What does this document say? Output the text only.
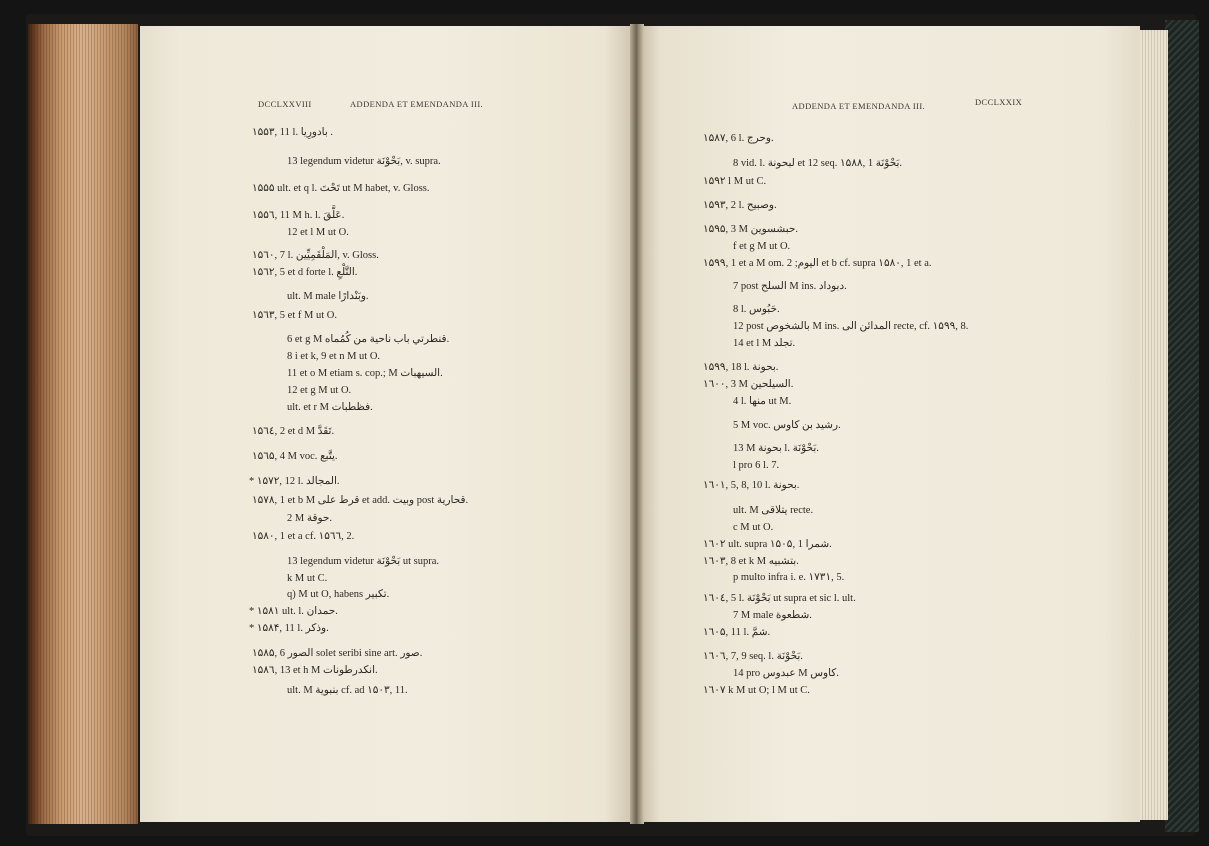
DCCLXXVIII	ADDENDA ET EMENDANDA III.
۱۵۵۳, 11 l. بادورِيا .
13 legendum videtur بَحْوْنَة, v. supra.
۱۵۵۵ ult. et q l. تَحْتَ ut M habet, v. Gloss.
۱۵۵٦, 11 M h. l. عَلَّقَ.
12 et l M ut O.
۱۵٦۰, 7 l. المَلْقَمِيِّين, v. Gloss.
۱۵٦۲, 5 et d forte l. التَّلْعِ.
ult. M male وبَنْدارًا.
۱۵٦۳, 5 et f M ut O.
6 et g M قنطرتي باب ناحية من كُمُماه.
8 i et k, 9 et n M ut O.
11 et o M etiam s. cop.; M السيهبات.
12 et g M ut O.
ult. et r M فظطبات.
۱۵٦٤, 2 et d M تَقَدَّ.
۱۵٦۵, 4 M voc. يتَّبع.
* ۱۵۷۲, 12 l. المجالد.
۱۵۷۸, 1 et b M قرط على et add. وبيت post قحارية.
2 M حوقة.
۱۵۸۰, 1 et a cf. ۱۵٦٦, 2.
13 legendum videtur بَحْوْنَة ut supra.
k M ut C.
q) M ut O, habens تكبير.
* ۱۵۸۱ ult. l. حمدان.
* ۱۵۸۴, 11 l. وذكر.
۱۵۸۵, 6 الصور solet seribi sine art. صور.
۱۵۸٦, 13 et h M انكدرطونات.
ult. M بنبوية cf. ad ۱۵۰۳, 11.
ADDENDA ET EMENDANDA III.	DCCLXXIX
۱۵۸۷, 6 l. وحرج.
8 vid. l. لبحونة et 12 seq. ۱۵۸۸, 1 بَحْوْنَة.
۱۵٩۲ l M ut C.
۱۵٩۳, 2 l. وصبيح.
۱۵٩۵, 3 M حبشسوين.
f et g M ut O.
۱۵٩٩, 1 et a M om. اليوم; 2 et b cf. supra ۱۵۸۰, 1 et a.
7 post السلح M ins. دبوداد.
8 l. حَبُوس.
12 post بالشخوص M ins. المدائن الى recte, cf. ۱۵٩٩, 8.
14 et l M تجلد.
۱۵٩٩, 18 l. بحونة.
۱٦۰۰, 3 M السيلحين.
4 l. منها ut M.
5 M voc. رشيد بن كاوس.
13 M بحونة l. بَحْوْنَة.
l pro 6 l. 7.
۱٦۰۱, 5, 8, 10 l. بحونة.
ult. M يتلاقى recte.
c M ut O.
۱٦۰۲ ult. supra ۱۵۰۵, 1 شمرا.
۱٦۰۳, 8 et k M بتشبيه.
p multo infra i. e. ۱۷۳۱, 5.
۱٦۰٤, 5 l. بَحْوْنَة ut supra et sic l. ult.
7 M male شطعوة.
۱٦۰۵, 11 l. شمَّ.
۱٦۰٦, 7, 9 seq. l. بَحْوْنَة.
14 pro عبدوس M كاوس.
۱٦۰۷ k M ut O; l M ut C.
